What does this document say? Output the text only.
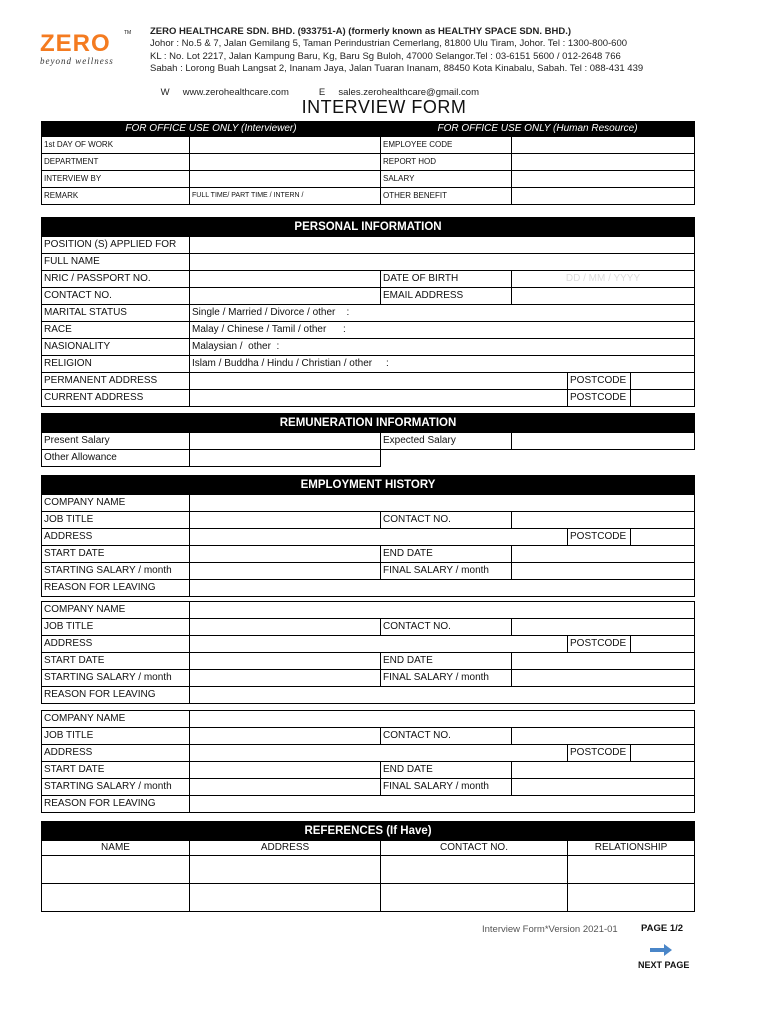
ZERO	TM
beyond wellness
ZERO HEALTHCARE SDN. BHD. (933751-A) (formerly known as HEALTHY SPACE SDN. BHD.)
Johor : No.5 & 7, Jalan Gemilang 5, Taman Perindustrian Cemerlang, 81800 Ulu Tiram, Johor. Tel : 1300-800-600
KL : No. Lot 2217, Jalan Kampung Baru, Kg, Baru Sg Buloh, 47000 Selangor.Tel : 03-6151 5600 / 012-2648 766
Sabah : Lorong Buah Langsat 2, Inanam Jaya, Jalan Tuaran Inanam, 88450 Kota Kinabalu, Sabah. Tel : 088-431 439

W     www.zerohealthcare.com	E     sales.zerohealthcare@gmail.com

INTERVIEW FORM
FOR OFFICE USE ONLY (Interviewer)		FOR OFFICE USE ONLY (Human Resource)	
1st DAY OF WORK		EMPLOYEE CODE	
DEPARTMENT		REPORT HOD	
INTERVIEW BY		SALARY	
REMARK	FULL TIME/ PART TIME / INTERN /	OTHER BENEFIT	
PERSONAL INFORMATION					
POSITION (S) APPLIED FOR					
FULL NAME					
NRIC / PASSPORT NO.		DATE OF BIRTH	DD / MM / YYYY		
CONTACT NO.		EMAIL ADDRESS			
MARITAL STATUS	Single / Married / Divorce / other    :				
RACE	Malay / Chinese / Tamil / other      :				
NASIONALITY	Malaysian /  other  :				
RELIGION	Islam / Buddha / Hindu / Christian / other     :				
PERMANENT ADDRESS				POSTCODE	
CURRENT ADDRESS				POSTCODE	
REMUNERATION INFORMATION			
Present Salary		Expected Salary	
Other Allowance			
EMPLOYMENT HISTORY					
COMPANY NAME					
JOB TITLE		CONTACT NO.			
ADDRESS				POSTCODE	
START DATE		END DATE			
STARTING SALARY / month		FINAL SALARY / month			
REASON FOR LEAVING					
COMPANY NAME					
JOB TITLE		CONTACT NO.			
ADDRESS				POSTCODE	
START DATE		END DATE			
STARTING SALARY / month		FINAL SALARY / month			
REASON FOR LEAVING					
COMPANY NAME					
JOB TITLE		CONTACT NO.			
ADDRESS				POSTCODE	
START DATE		END DATE			
STARTING SALARY / month		FINAL SALARY / month			
REASON FOR LEAVING					
REFERENCES (If Have)			
NAME	ADDRESS	CONTACT NO.	RELATIONSHIP

Interview Form*Version 2021-01 PAGE 1/2
NEXT PAGE
